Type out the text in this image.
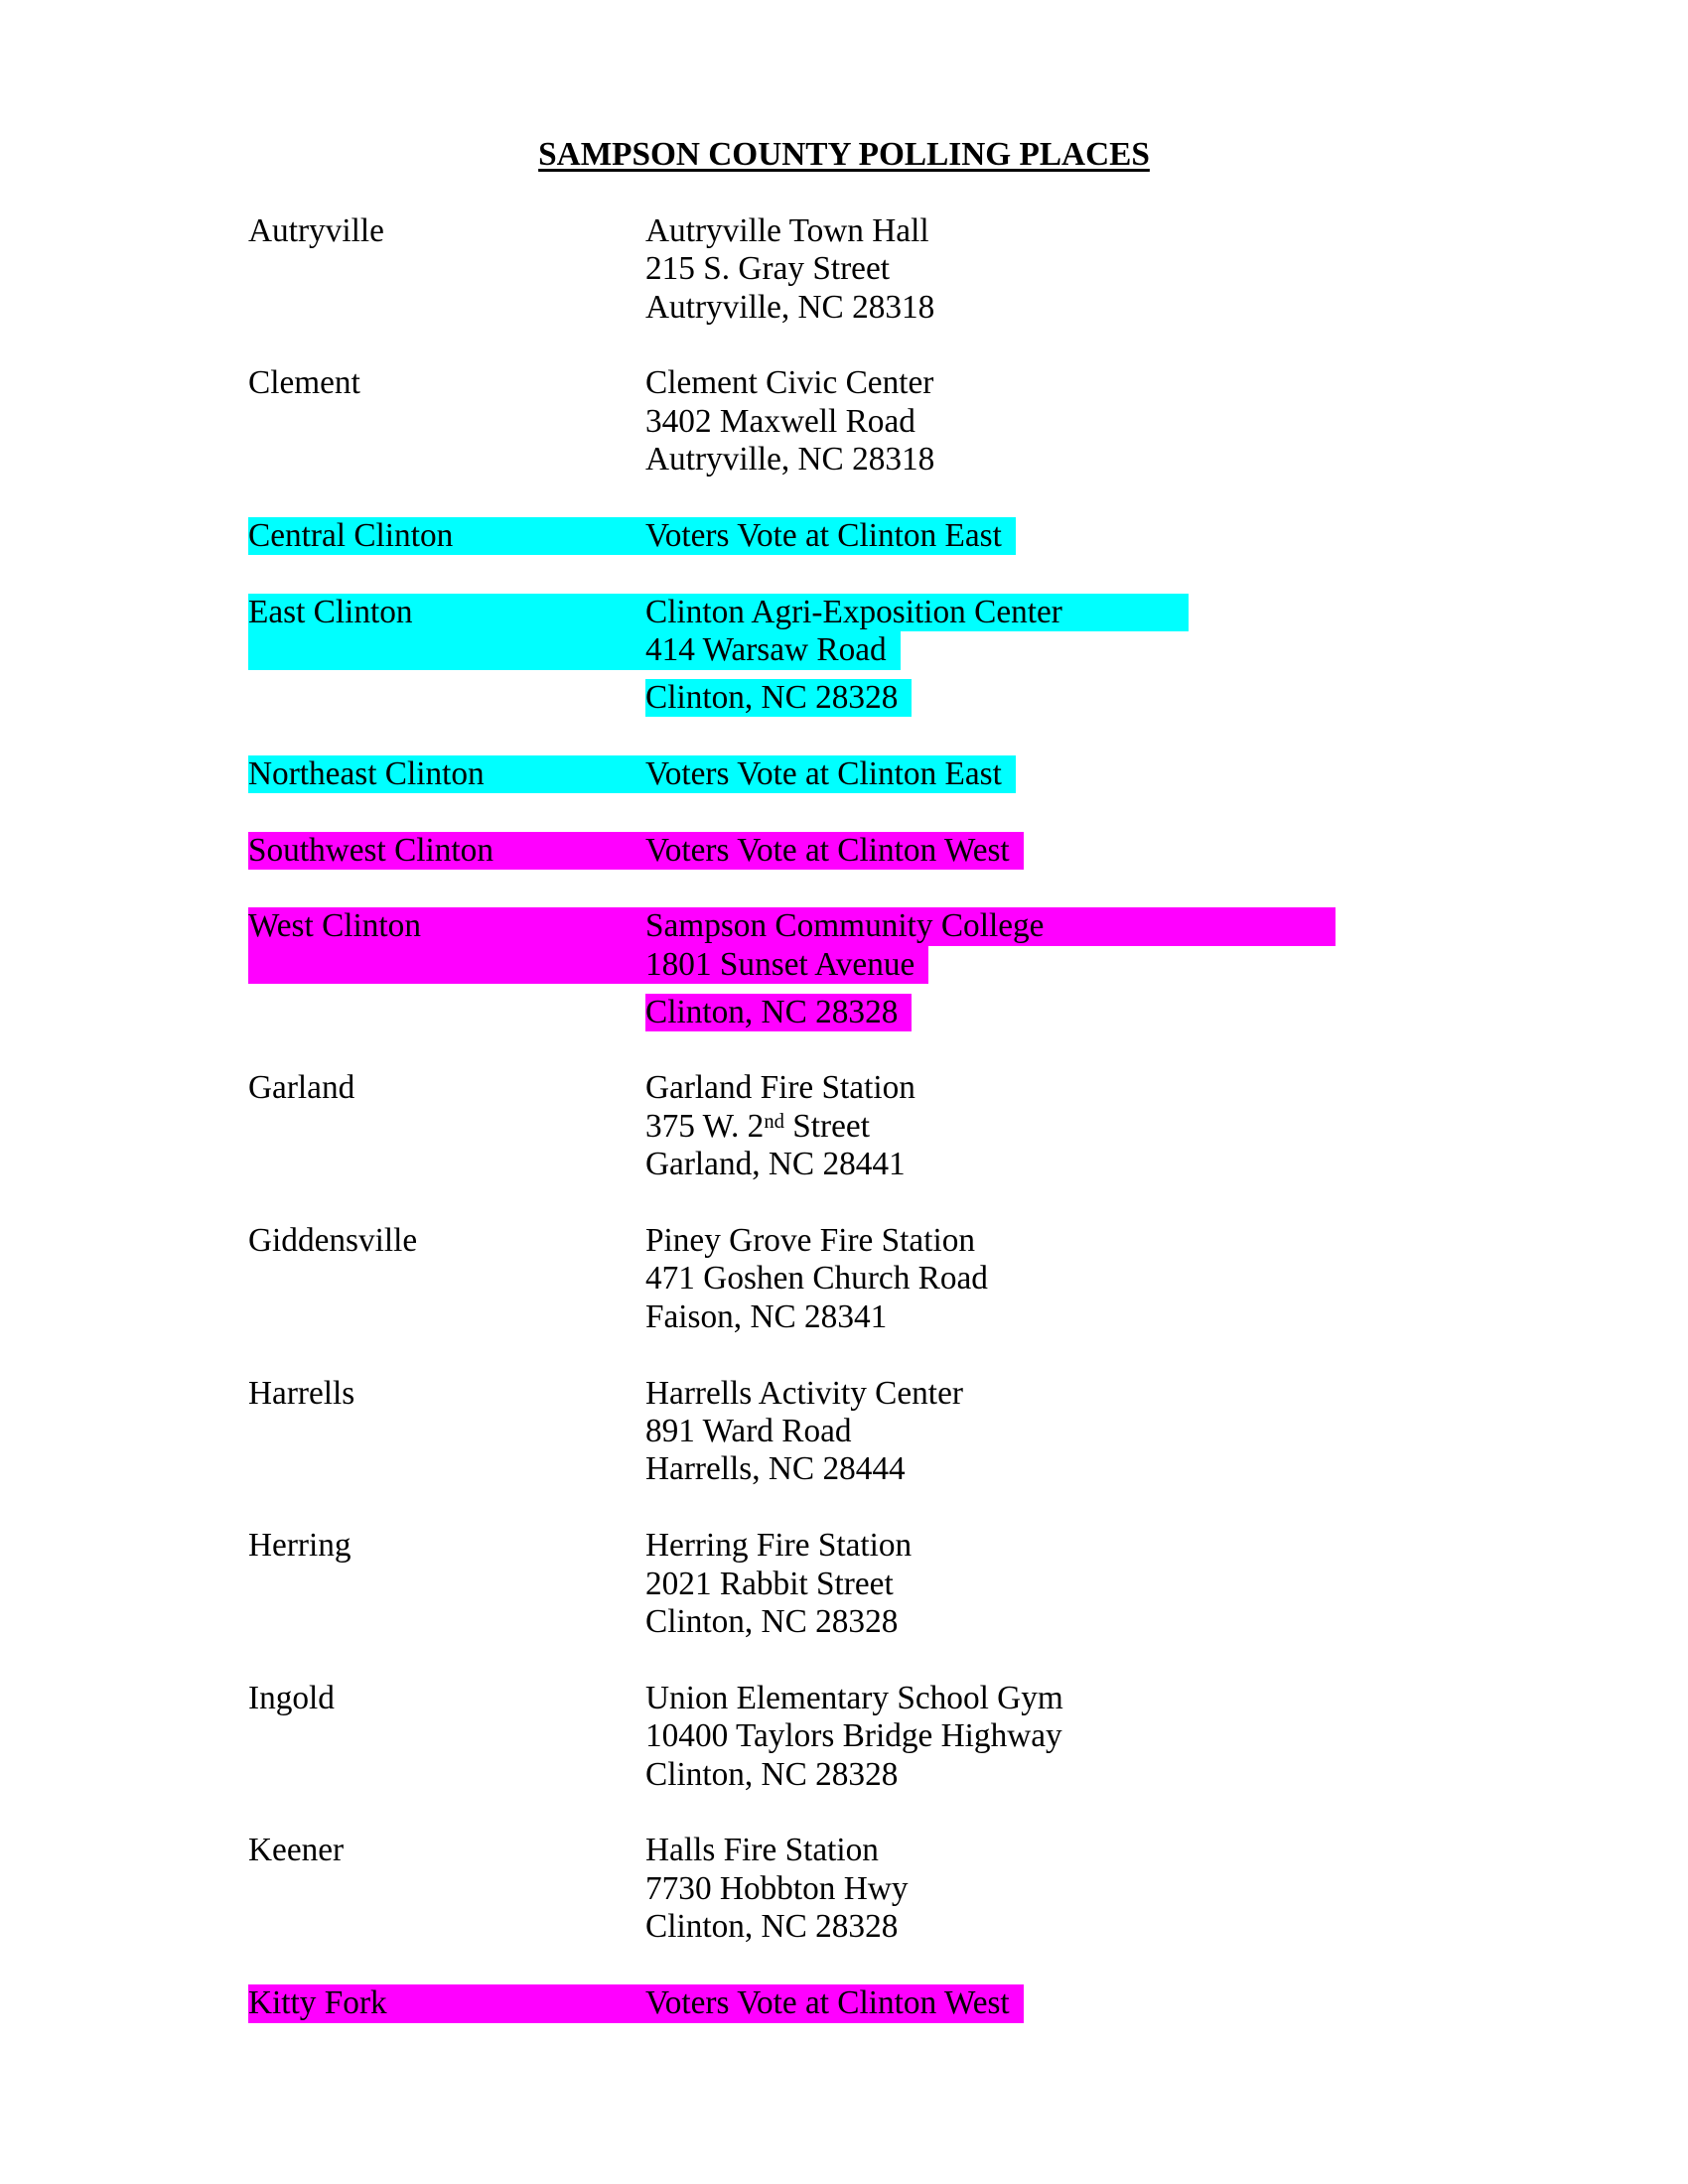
SAMPSON COUNTY POLLING PLACES
Autryville	Autryville Town Hall
215 S. Gray Street
Autryville, NC 28318
Clement	Clement Civic Center
3402 Maxwell Road
Autryville, NC 28318
Central Clinton	Voters Vote at Clinton East
East Clinton	Clinton Agri-Exposition Center
414 Warsaw Road
Clinton, NC 28328
Northeast Clinton	Voters Vote at Clinton East
Southwest Clinton	Voters Vote at Clinton West
West Clinton	Sampson Community College
1801 Sunset Avenue
Clinton, NC 28328
Garland	Garland Fire Station
375 W. 2nd Street
Garland, NC 28441
Giddensville	Piney Grove Fire Station
471 Goshen Church Road
Faison, NC 28341
Harrells	Harrells Activity Center
891 Ward Road
Harrells, NC 28444
Herring	Herring Fire Station
2021 Rabbit Street
Clinton, NC 28328
Ingold	Union Elementary School Gym
10400 Taylors Bridge Highway
Clinton, NC 28328
Keener	Halls Fire Station
7730 Hobbton Hwy
Clinton, NC 28328
Kitty Fork	Voters Vote at Clinton West
